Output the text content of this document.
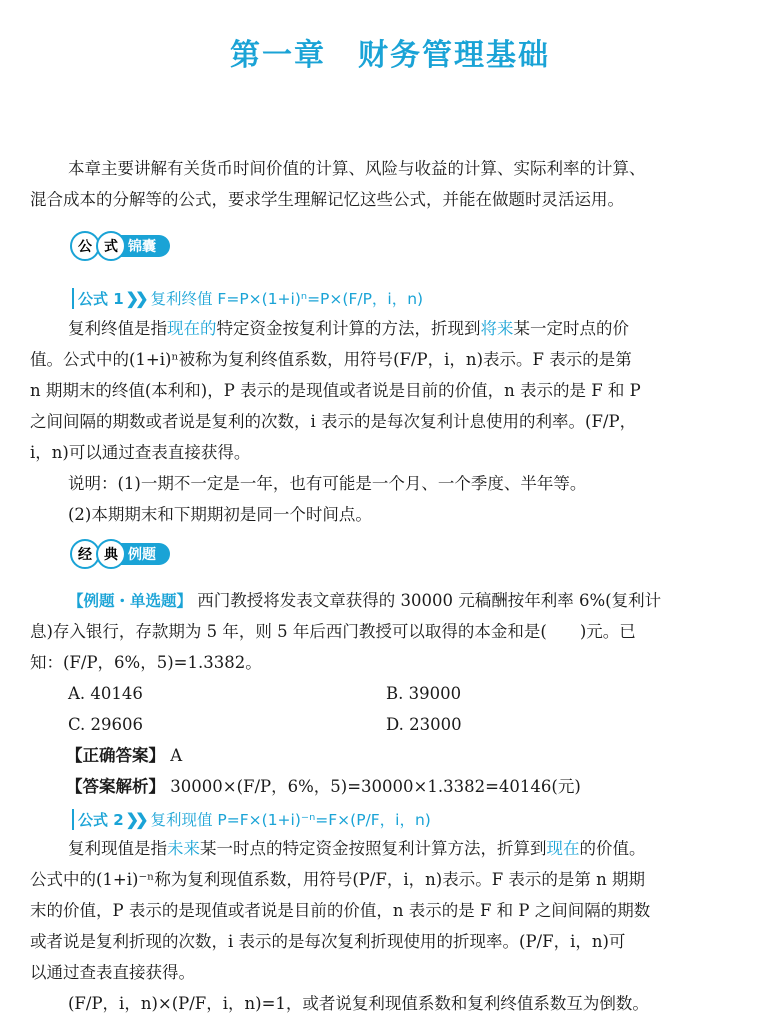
第一章　财务管理基础
本章主要讲解有关货币时间价值的计算、风险与收益的计算、实际利率的计算、
混合成本的分解等的公式，要求学生理解记忆这些公式，并能在做题时灵活运用。
公 式 锦囊
公式 1 ❯❯ 复利终值 F=P×(1+i)ⁿ=P×(F/P，i，n)
复利终值是指现在的特定资金按复利计算的方法，折现到将来某一定时点的价
值。公式中的(1+i)ⁿ被称为复利终值系数，用符号(F/P，i，n)表示。F 表示的是第
n 期期末的终值(本利和)，P 表示的是现值或者说是目前的价值，n 表示的是 F 和 P
之间间隔的期数或者说是复利的次数，i 表示的是每次复利计息使用的利率。(F/P，
i，n)可以通过查表直接获得。
说明：(1)一期不一定是一年，也有可能是一个月、一个季度、半年等。
(2)本期期末和下期期初是同一个时间点。
经 典 例题
【例题・单选题】 西门教授将发表文章获得的 30000 元稿酬按年利率 6%(复利计
息)存入银行，存款期为 5 年，则 5 年后西门教授可以取得的本金和是(　　)元。已
知：(F/P，6%，5)=1.3382。
A. 40146	B. 39000
C. 29606	D. 23000
【正确答案】 A
【答案解析】 30000×(F/P，6%，5)=30000×1.3382=40146(元)
公式 2 ❯❯ 复利现值 P=F×(1+i)⁻ⁿ=F×(P/F，i，n)
复利现值是指未来某一时点的特定资金按照复利计算方法，折算到现在的价值。
公式中的(1+i)⁻ⁿ称为复利现值系数，用符号(P/F，i，n)表示。F 表示的是第 n 期期
末的价值，P 表示的是现值或者说是目前的价值，n 表示的是 F 和 P 之间间隔的期数
或者说是复利折现的次数，i 表示的是每次复利折现使用的折现率。(P/F，i，n)可
以通过查表直接获得。
(F/P，i，n)×(P/F，i，n)=1，或者说复利现值系数和复利终值系数互为倒数。
